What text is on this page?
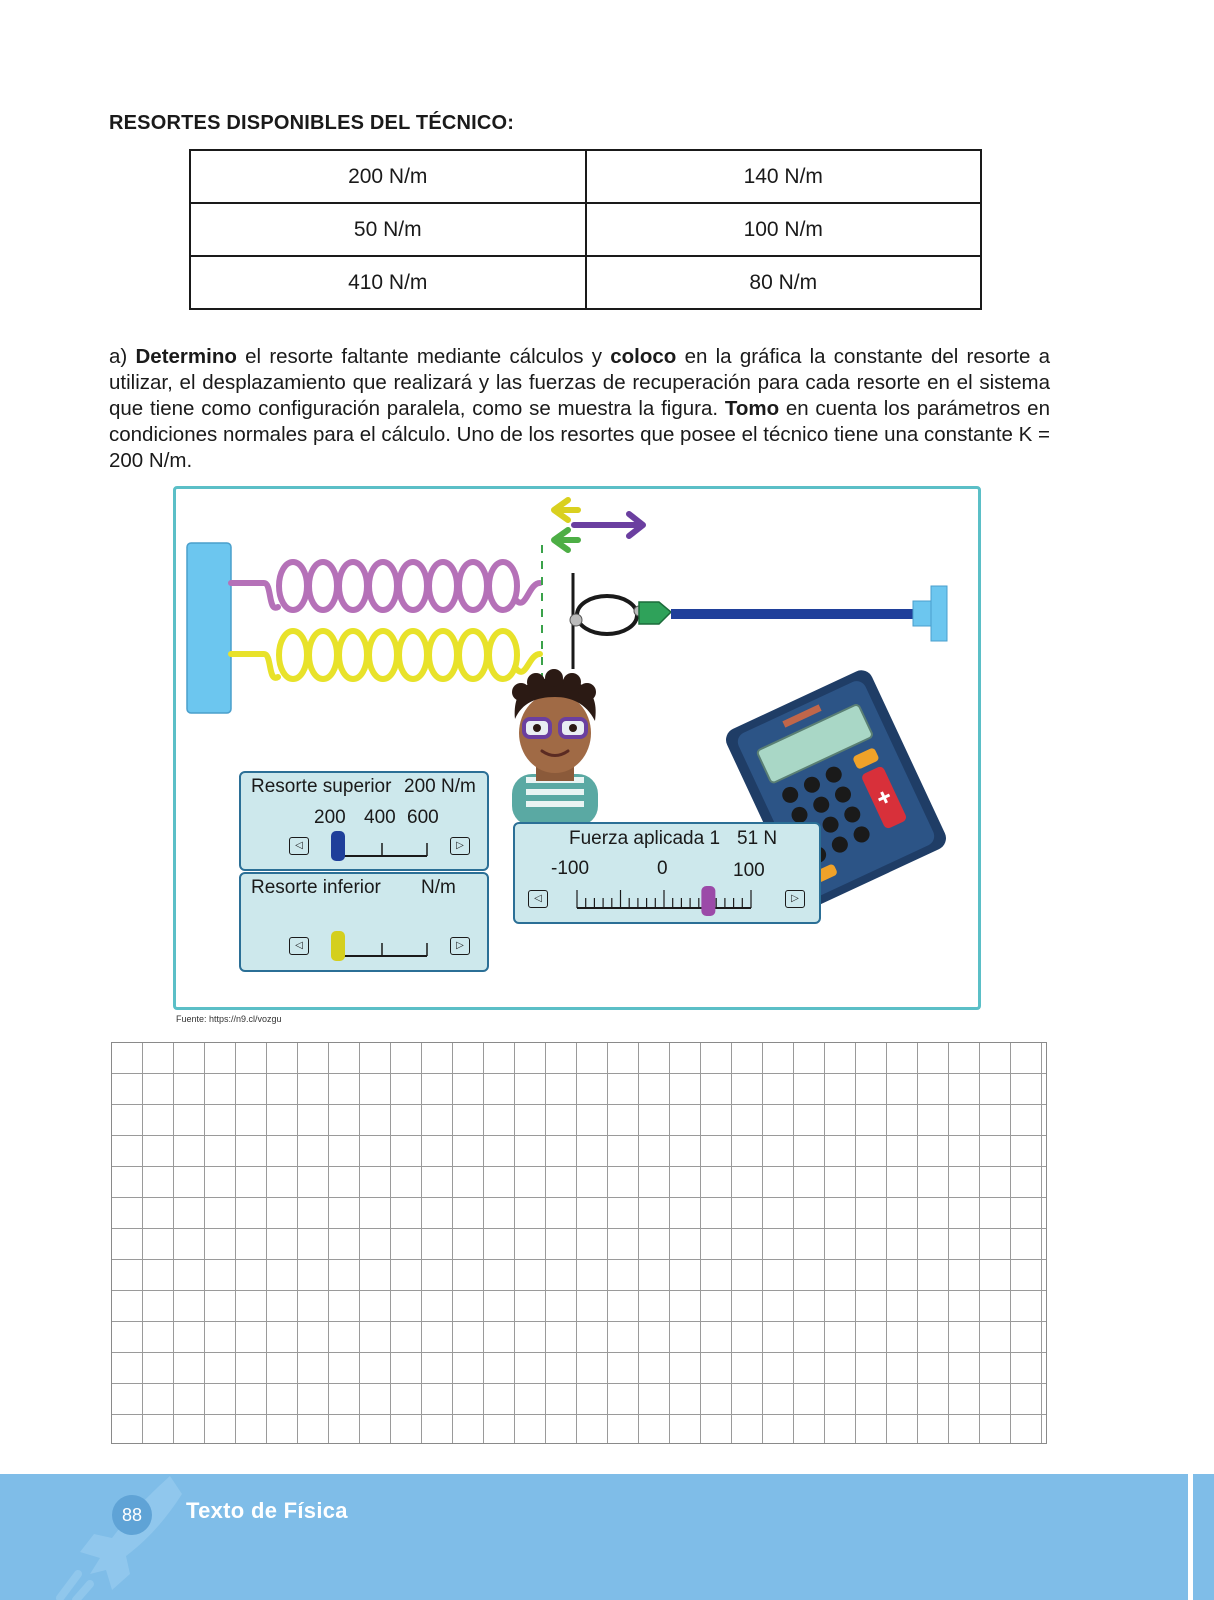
RESORTES DISPONIBLES DEL TÉCNICO:
200 N/m	140 N/m
50 N/m	100 N/m
410 N/m	80 N/m
a) Determino el resorte faltante mediante cálculos y coloco en la gráfica la constante del resorte a utilizar, el desplazamiento que realizará y las fuerzas de recuperación para cada resorte en el sistema que tiene como configuración paralela, como se muestra la figura. Tomo en cuenta los parámetros en condiciones normales para el cálculo. Uno de los resortes que posee el técnico tiene una constante K = 200 N/m.
Resorte superior 200 N/m
200 400 600
◁	▷
Resorte inferior N/m
◁	▷
Fuerza aplicada 1 51 N
-100	0	100
◁	▷
Fuente: https://n9.cl/vozgu
88	Texto de Física
